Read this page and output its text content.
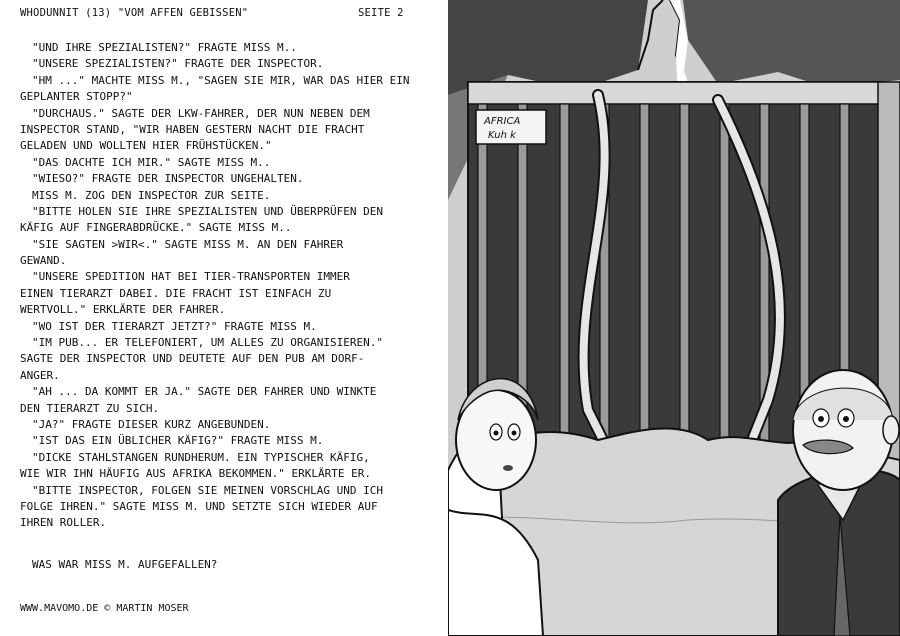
WHODUNNIT (13) "VOM AFFEN GEBISSEN"	SEITE 2
"UND IHRE SPEZIALISTEN?" FRAGTE MISS M..
"UNSERE SPEZIALISTEN?" FRAGTE DER INSPECTOR.
"HM ..." MACHTE MISS M., "SAGEN SIE MIR, WAR DAS HIER EIN
GEPLANTER STOPP?"
"DURCHAUS." SAGTE DER LKW-FAHRER, DER NUN NEBEN DEM
INSPECTOR STAND, "WIR HABEN GESTERN NACHT DIE FRACHT
GELADEN UND WOLLTEN HIER FRÜHSTÜCKEN."
"DAS DACHTE ICH MIR." SAGTE MISS M..
"WIESO?" FRAGTE DER INSPECTOR UNGEHALTEN.
MISS M. ZOG DEN INSPECTOR ZUR SEITE.
"BITTE HOLEN SIE IHRE SPEZIALISTEN UND ÜBERPRÜFEN DEN
KÄFIG AUF FINGERABDRÜCKE." SAGTE MISS M..
"SIE SAGTEN >WIR<." SAGTE MISS M. AN DEN FAHRER
GEWAND.
"UNSERE SPEDITION HAT BEI TIER-TRANSPORTEN IMMER
EINEN TIERARZT DABEI. DIE FRACHT IST EINFACH ZU
WERTVOLL." ERKLÄRTE DER FAHRER.
"WO IST DER TIERARZT JETZT?" FRAGTE MISS M.
"IM PUB... ER TELEFONIERT, UM ALLES ZU ORGANISIEREN."
SAGTE DER INSPECTOR UND DEUTETE AUF DEN PUB AM DORF-
ANGER.
"AH ... DA KOMMT ER JA." SAGTE DER FAHRER UND WINKTE
DEN TIERARZT ZU SICH.
"JA?" FRAGTE DIESER KURZ ANGEBUNDEN.
"IST DAS EIN ÜBLICHER KÄFIG?" FRAGTE MISS M.
"DICKE STAHLSTANGEN RUNDHERUM. EIN TYPISCHER KÄFIG,
WIE WIR IHN HÄUFIG AUS AFRIKA BEKOMMEN." ERKLÄRTE ER.
"BITTE INSPECTOR, FOLGEN SIE MEINEN VORSCHLAG UND ICH
FOLGE IHREN." SAGTE MISS M. UND SETZTE SICH WIEDER AUF
IHREN ROLLER.
WAS WAR MISS M. AUFGEFALLEN?
WWW.MAVOMO.DE © MARTIN MOSER
AFRICA
Kuh k
